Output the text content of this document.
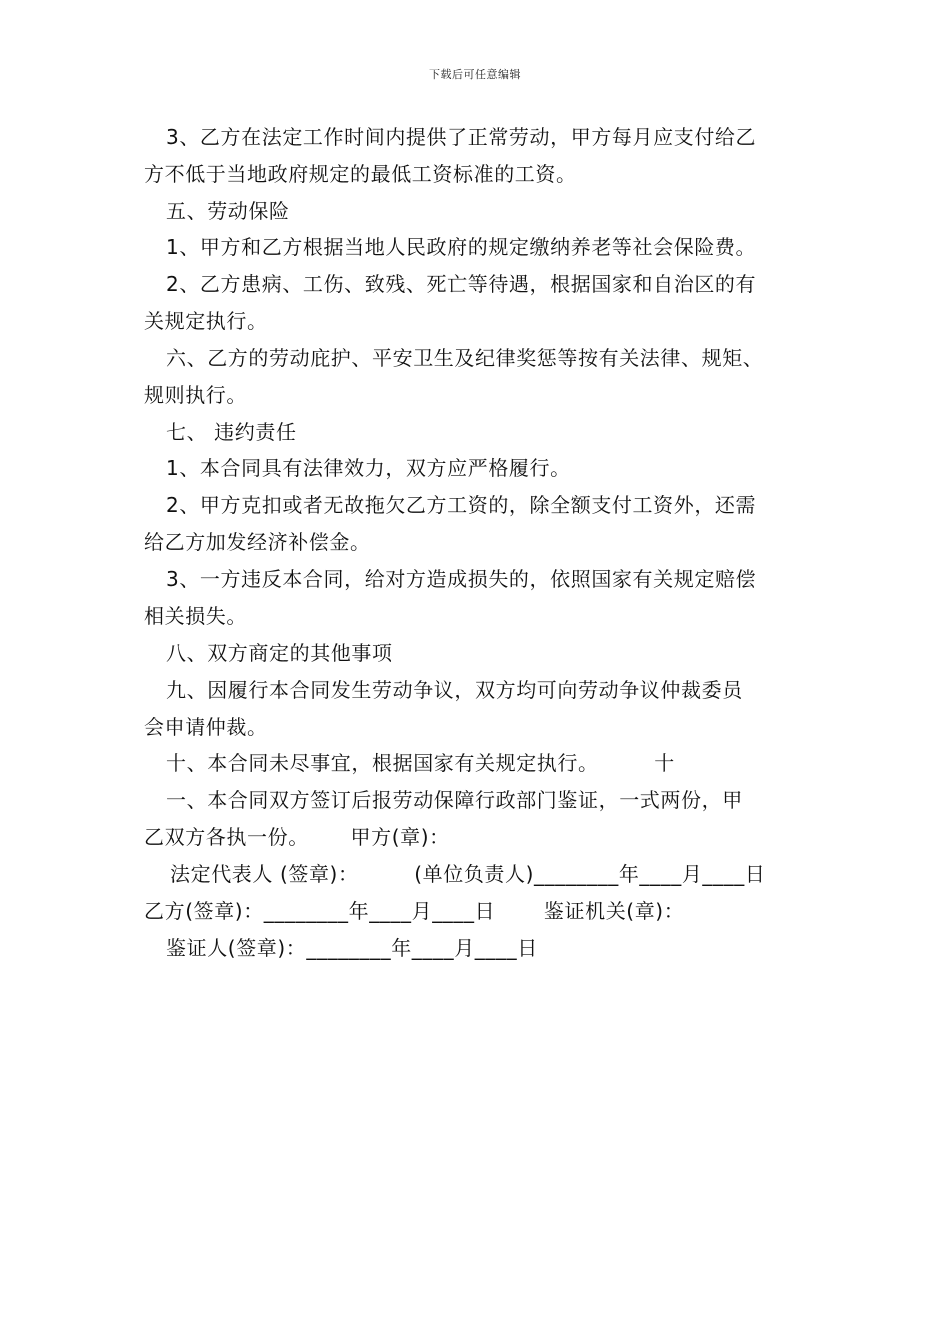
下载后可任意编辑
3、乙方在法定工作时间内提供了正常劳动，甲方每月应支付给乙
方不低于当地政府规定的最低工资标准的工资。
五、劳动保险
1、甲方和乙方根据当地人民政府的规定缴纳养老等社会保险费。
2、乙方患病、工伤、致残、死亡等待遇，根据国家和自治区的有
关规定执行。
六、乙方的劳动庇护、平安卫生及纪律奖惩等按有关法律、规矩、
规则执行。
七、 违约责任
1、本合同具有法律效力，双方应严格履行。
2、甲方克扣或者无故拖欠乙方工资的，除全额支付工资外，还需
给乙方加发经济补偿金。
3、一方违反本合同，给对方造成损失的，依照国家有关规定赔偿
相关损失。
八、双方商定的其他事项
九、因履行本合同发生劳动争议，双方均可向劳动争议仲裁委员
会申请仲裁。
十、本合同未尽事宜，根据国家有关规定执行。        十
一、本合同双方签订后报劳动保障行政部门鉴证，一式两份，甲
乙双方各执一份。      甲方(章)：
法定代表人 (签章)：        (单位负责人)________年____月____日
乙方(签章)：________年____月____日       鉴证机关(章)：
鉴证人(签章)：________年____月____日
